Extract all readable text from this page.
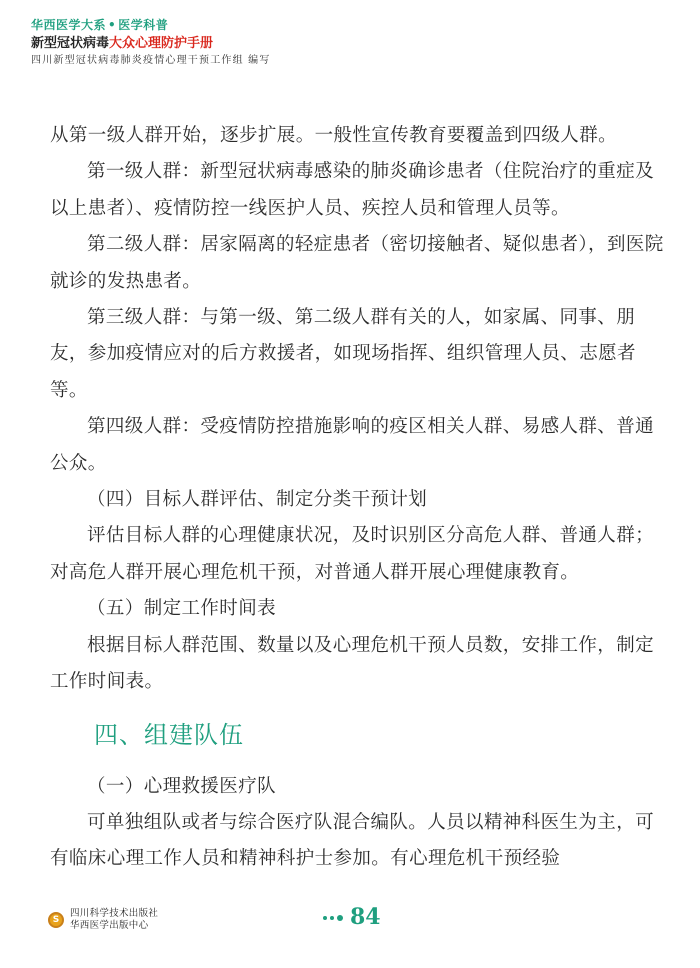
华西医学大系 • 医学科普
新型冠状病毒大众心理防护手册
四川新型冠状病毒肺炎疫情心理干预工作组 编写

从第一级人群开始，逐步扩展。一般性宣传教育要覆盖到四级人群。

第一级人群：新型冠状病毒感染的肺炎确诊患者（住院治疗的重症及以上患者）、疫情防控一线医护人员、疾控人员和管理人员等。

第二级人群：居家隔离的轻症患者（密切接触者、疑似患者），到医院就诊的发热患者。

第三级人群：与第一级、第二级人群有关的人，如家属、同事、朋友，参加疫情应对的后方救援者，如现场指挥、组织管理人员、志愿者等。

第四级人群：受疫情防控措施影响的疫区相关人群、易感人群、普通公众。

（四）目标人群评估、制定分类干预计划

评估目标人群的心理健康状况，及时识别区分高危人群、普通人群；对高危人群开展心理危机干预，对普通人群开展心理健康教育。

（五）制定工作时间表

根据目标人群范围、数量以及心理危机干预人员数，安排工作，制定工作时间表。

四、组建队伍

（一）心理救援医疗队

可单独组队或者与综合医疗队混合编队。人员以精神科医生为主，可有临床心理工作人员和精神科护士参加。有心理危机干预经验

S
四川科学技术出版社
华西医学出版中心	84
